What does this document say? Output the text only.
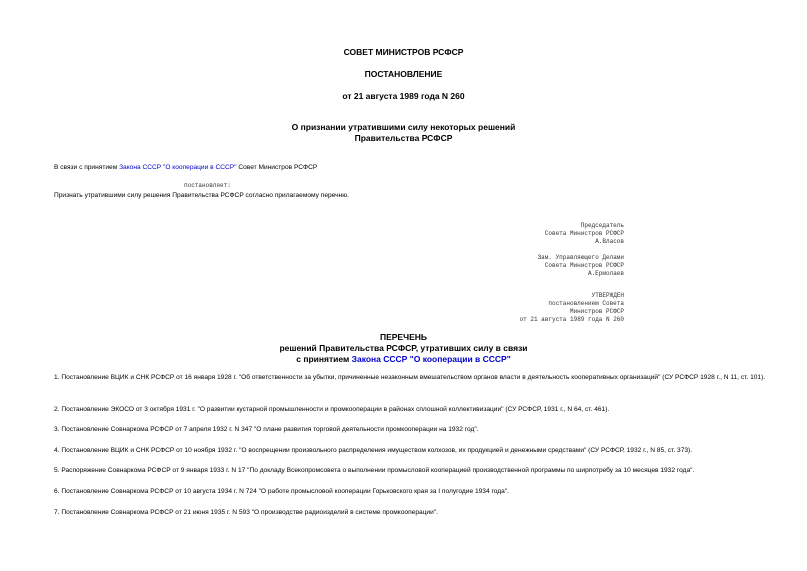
СОВЕТ МИНИСТРОВ РСФСР
ПОСТАНОВЛЕНИЕ
от 21 августа 1989 года N 260
О признании утратившими силу некоторых решений
Правительства РСФСР
В связи с принятием Закона СССР "О кооперации в СССР" Совет Министров РСФСР
постановляет:
Признать утратившими силу решения Правительства РСФСР согласно прилагаемому перечню.
Председатель
Совета Министров РСФСР
А.Власов
Зам. Управляющего Делами
Совета Министров РСФСР
А.Ермолаев
УТВЕРЖДЕН
постановлением Совета
Министров РСФСР
от 21 августа 1989 года N 260
ПЕРЕЧЕНЬ
решений Правительства РСФСР, утративших силу в связи
с принятием Закона СССР "О кооперации в СССР"
1. Постановление ВЦИК и СНК РСФСР от 16 января 1928 г. "Об ответственности за убытки, причиненные незаконным вмешательством органов власти в деятельность кооперативных организаций" (СУ РСФСР 1928 г., N 11, ст. 101).
2. Постановление ЭКОСО от 3 октября 1931 г. "О развитии кустарной промышленности и промкооперации в районах сплошной коллективизации" (СУ РСФСР, 1931 г., N 64, ст. 461).
3. Постановление Совнаркома РСФСР от 7 апреля 1932 г. N 347 "О плане развития торговой деятельности промкооперации на 1932 год".
4. Постановление ВЦИК и СНК РСФСР от 10 ноября 1932 г. "О воспрещении произвольного распределения имуществом колхозов, их продукцией и денежными средствами" (СУ РСФСР, 1932 г., N 85, ст. 373).
5. Распоряжение Совнаркома РСФСР от 9 января 1933 г. N 17 "По докладу Всекопромсовета о выполнении промысловой кооперацией производственной программы по ширпотребу за 10 месяцев 1932 года".
6. Постановление Совнаркома РСФСР от 10 августа 1934 г. N 724 "О работе промысловой кооперации Горьковского края за I полугодие 1934 года".
7. Постановление Совнаркома РСФСР от 21 июня 1935 г. N 593 "О производстве радиоизделий в системе промкооперации".
